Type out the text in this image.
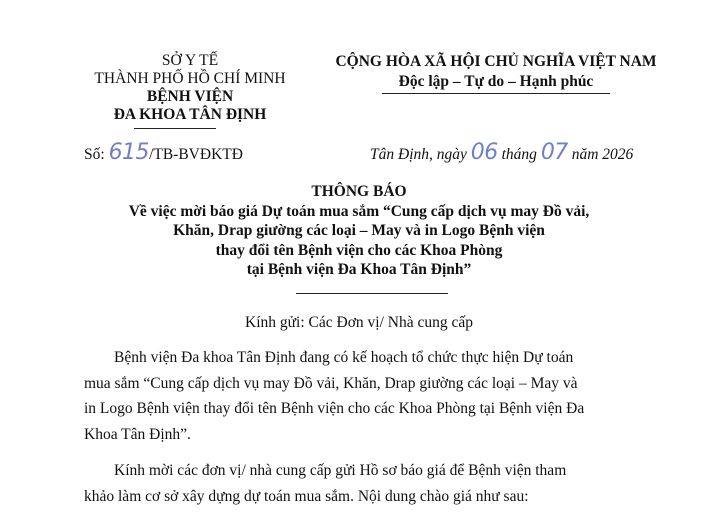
SỞ Y TẾ
THÀNH PHỐ HỒ CHÍ MINH
BỆNH VIỆN
ĐA KHOA TÂN ĐỊNH
CỘNG HÒA XÃ HỘI CHỦ NGHĨA VIỆT NAM
Độc lập – Tự do – Hạnh phúc
Số: 615/TB-BVĐKTĐ	Tân Định, ngày 06 tháng 07 năm 2026
THÔNG BÁO
Về việc mời báo giá Dự toán mua sắm “Cung cấp dịch vụ may Đồ vải,
Khăn, Drap giường các loại – May và in Logo Bệnh viện
thay đổi tên Bệnh viện cho các Khoa Phòng
tại Bệnh viện Đa Khoa Tân Định”
Kính gửi: Các Đơn vị/ Nhà cung cấp
Bệnh viện Đa khoa Tân Định đang có kế hoạch tổ chức thực hiện Dự toán
mua sắm “Cung cấp dịch vụ may Đồ vải, Khăn, Drap giường các loại – May và
in Logo Bệnh viện thay đổi tên Bệnh viện cho các Khoa Phòng tại Bệnh viện Đa
Khoa Tân Định”.
Kính mời các đơn vị/ nhà cung cấp gửi Hồ sơ báo giá để Bệnh viện tham
khảo làm cơ sở xây dựng dự toán mua sắm. Nội dung chào giá như sau:
